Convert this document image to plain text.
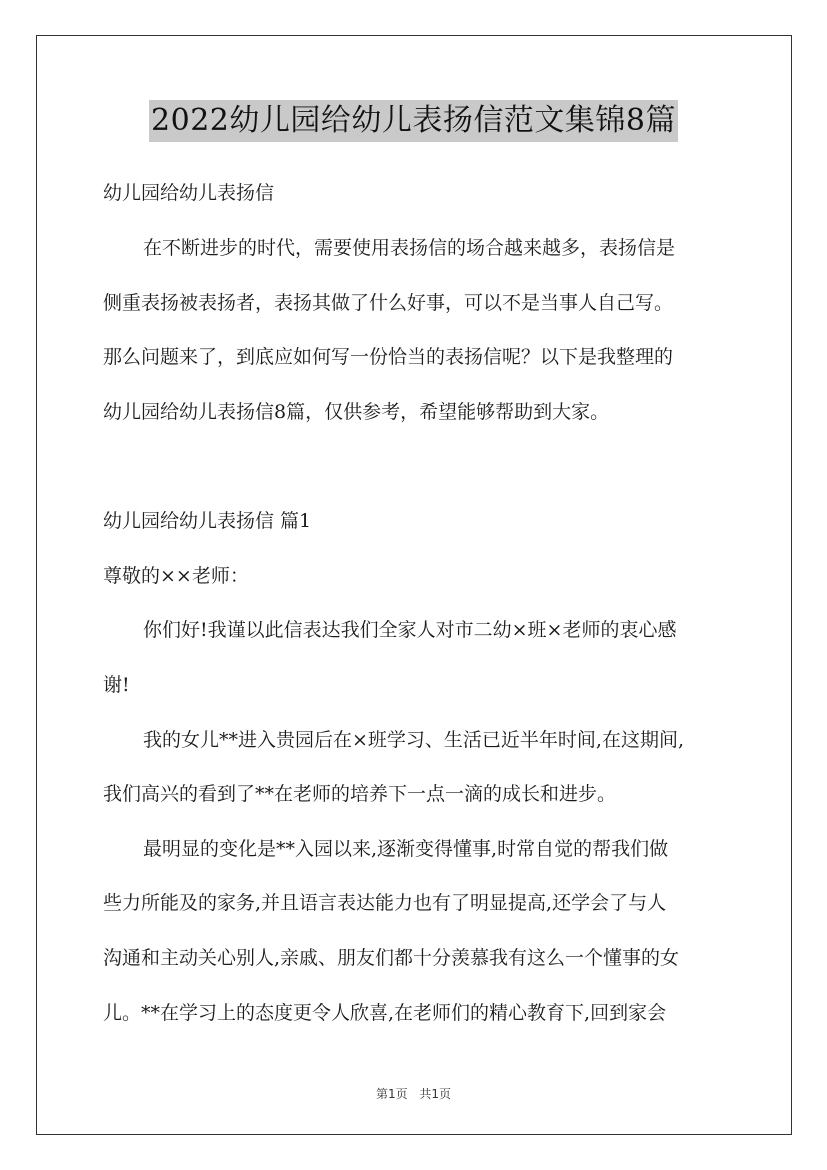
2022幼儿园给幼儿表扬信范文集锦8篇
幼儿园给幼儿表扬信
在不断进步的时代，需要使用表扬信的场合越来越多，表扬信是
侧重表扬被表扬者，表扬其做了什么好事，可以不是当事人自己写。
那么问题来了，到底应如何写一份恰当的表扬信呢？以下是我整理的
幼儿园给幼儿表扬信8篇，仅供参考，希望能够帮助到大家。
幼儿园给幼儿表扬信 篇1
尊敬的××老师：
你们好!我谨以此信表达我们全家人对市二幼×班×老师的衷心感
谢!
我的女儿**进入贵园后在×班学习、生活已近半年时间,在这期间,
我们高兴的看到了**在老师的培养下一点一滴的成长和进步。
最明显的变化是**入园以来,逐渐变得懂事,时常自觉的帮我们做
些力所能及的家务,并且语言表达能力也有了明显提高,还学会了与人
沟通和主动关心别人,亲戚、朋友们都十分羡慕我有这么一个懂事的女
儿。**在学习上的态度更令人欣喜,在老师们的精心教育下,回到家会
第1页 共1页
